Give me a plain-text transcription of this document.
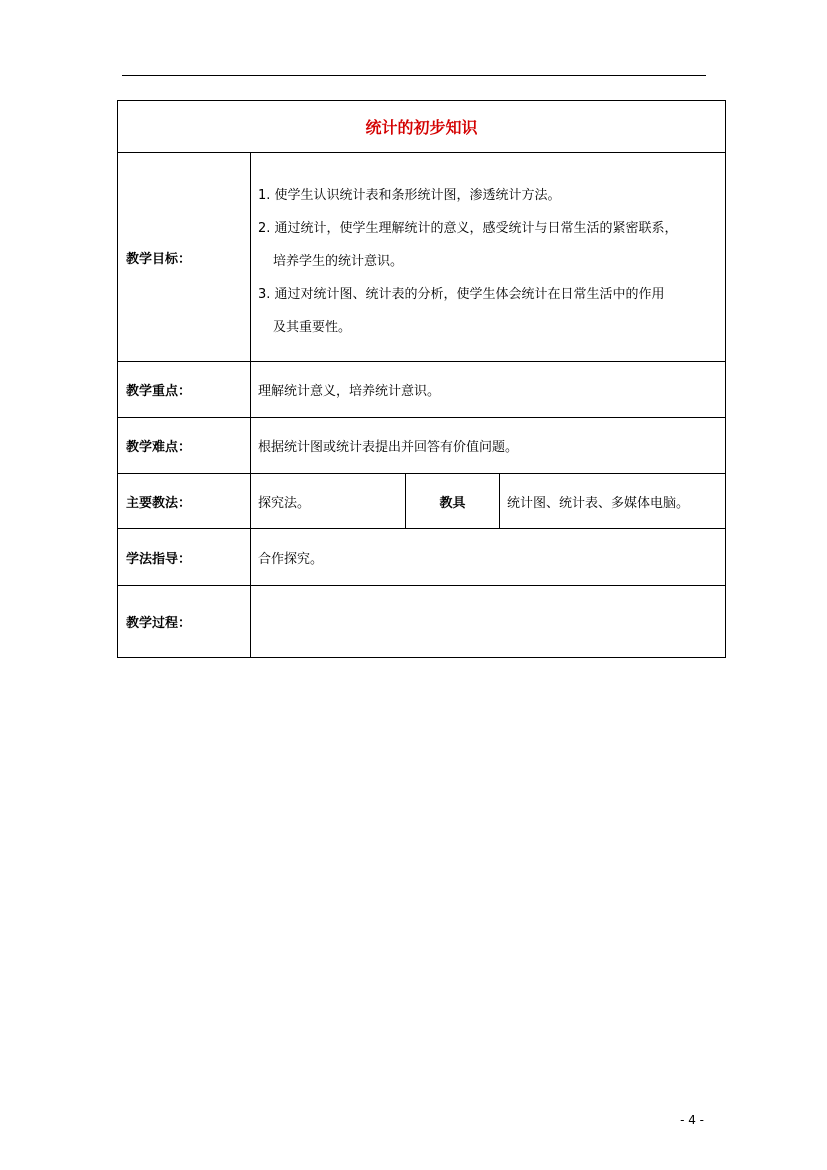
统计的初步知识
教学目标：
1. 使学生认识统计表和条形统计图，渗透统计方法。
2. 通过统计，使学生理解统计的意义，感受统计与日常生活的紧密联系，
培养学生的统计意识。
3. 通过对统计图、统计表的分析，使学生体会统计在日常生活中的作用
及其重要性。
教学重点：	理解统计意义，培养统计意识。
教学难点：	根据统计图或统计表提出并回答有价值问题。
主要教法：	探究法。	教具	统计图、统计表、多媒体电脑。
学法指导：	合作探究。
教学过程：
- 4 -
